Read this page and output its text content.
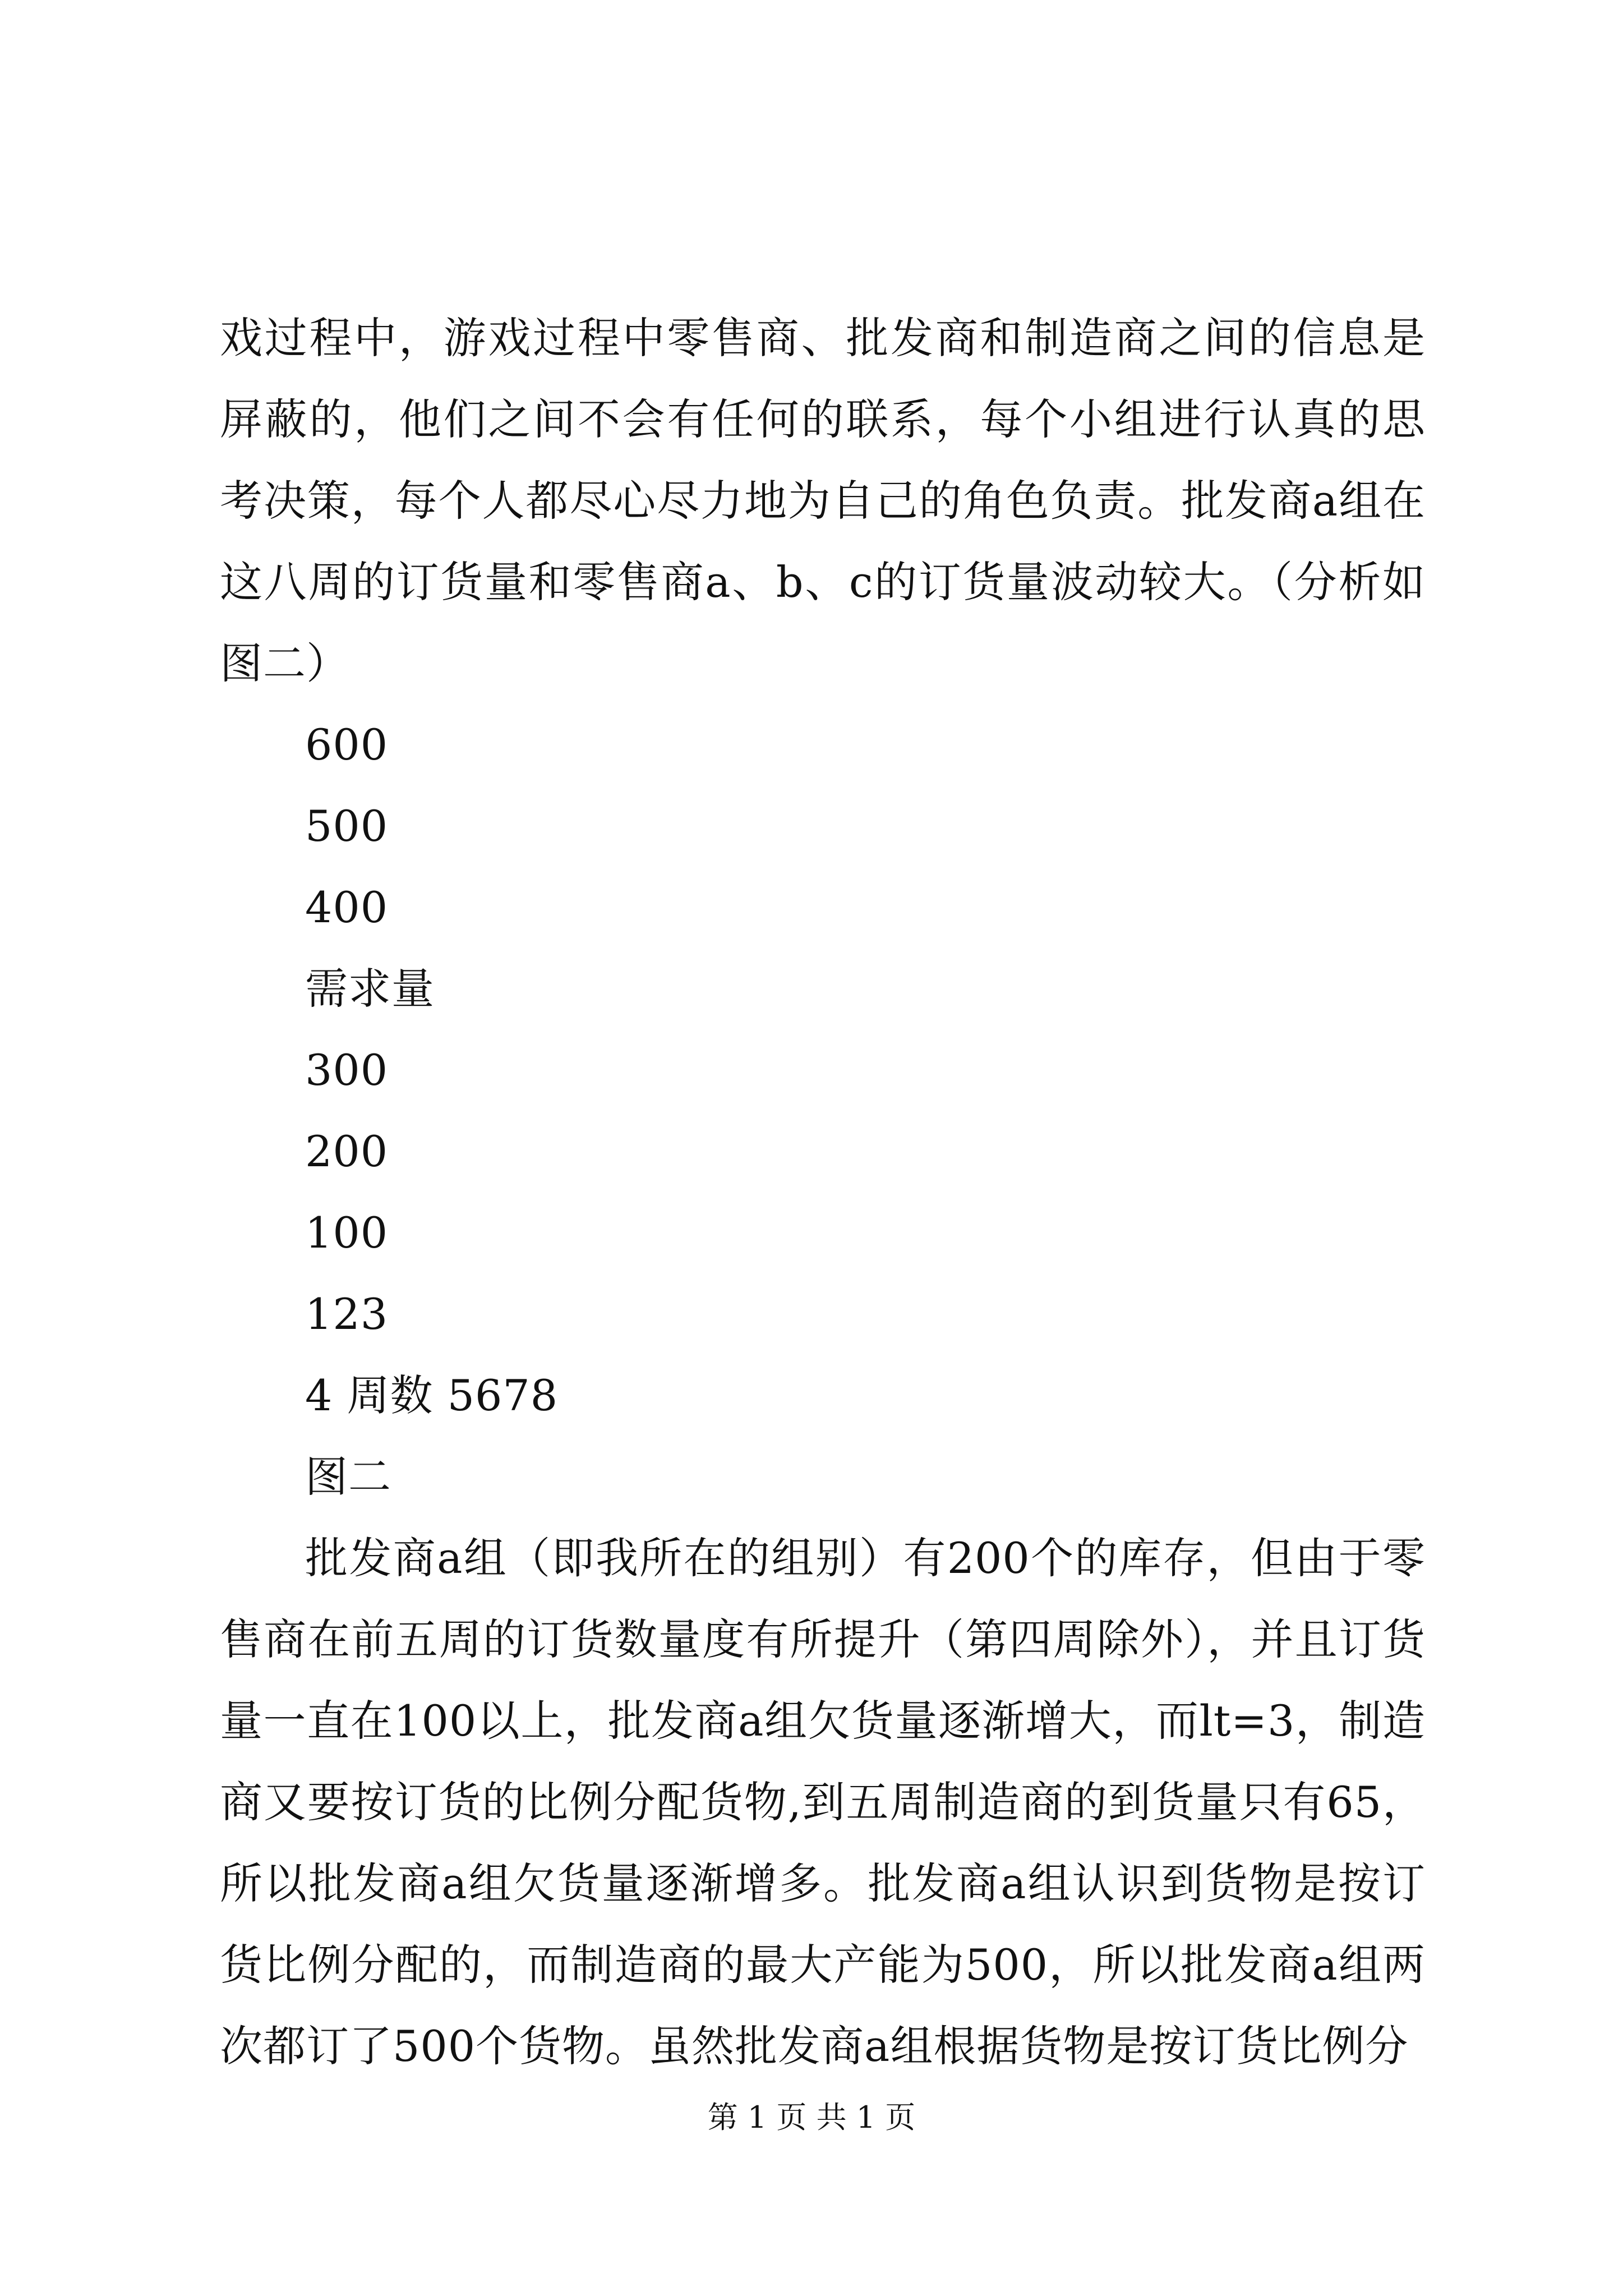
戏过程中，游戏过程中零售商、批发商和制造商之间的信息是屏蔽的，他们之间不会有任何的联系，每个小组进行认真的思考决策，每个人都尽心尽力地为自己的角色负责。批发商a组在这八周的订货量和零售商a、b、c的订货量波动较大。（分析如图二）

600

500

400

需求量

300

200

100

123

4 周数 5678

图二

批发商a组（即我所在的组别）有200个的库存，但由于零售商在前五周的订货数量度有所提升（第四周除外），并且订货量一直在100以上，批发商a组欠货量逐渐增大，而lt=3，制造商又要按订货的比例分配货物,到五周制造商的到货量只有65，所以批发商a组欠货量逐渐增多。批发商a组认识到货物是按订货比例分配的，而制造商的最大产能为500，所以批发商a组两次都订了500个货物。虽然批发商a组根据货物是按订货比例分

第 1 页 共 1 页
